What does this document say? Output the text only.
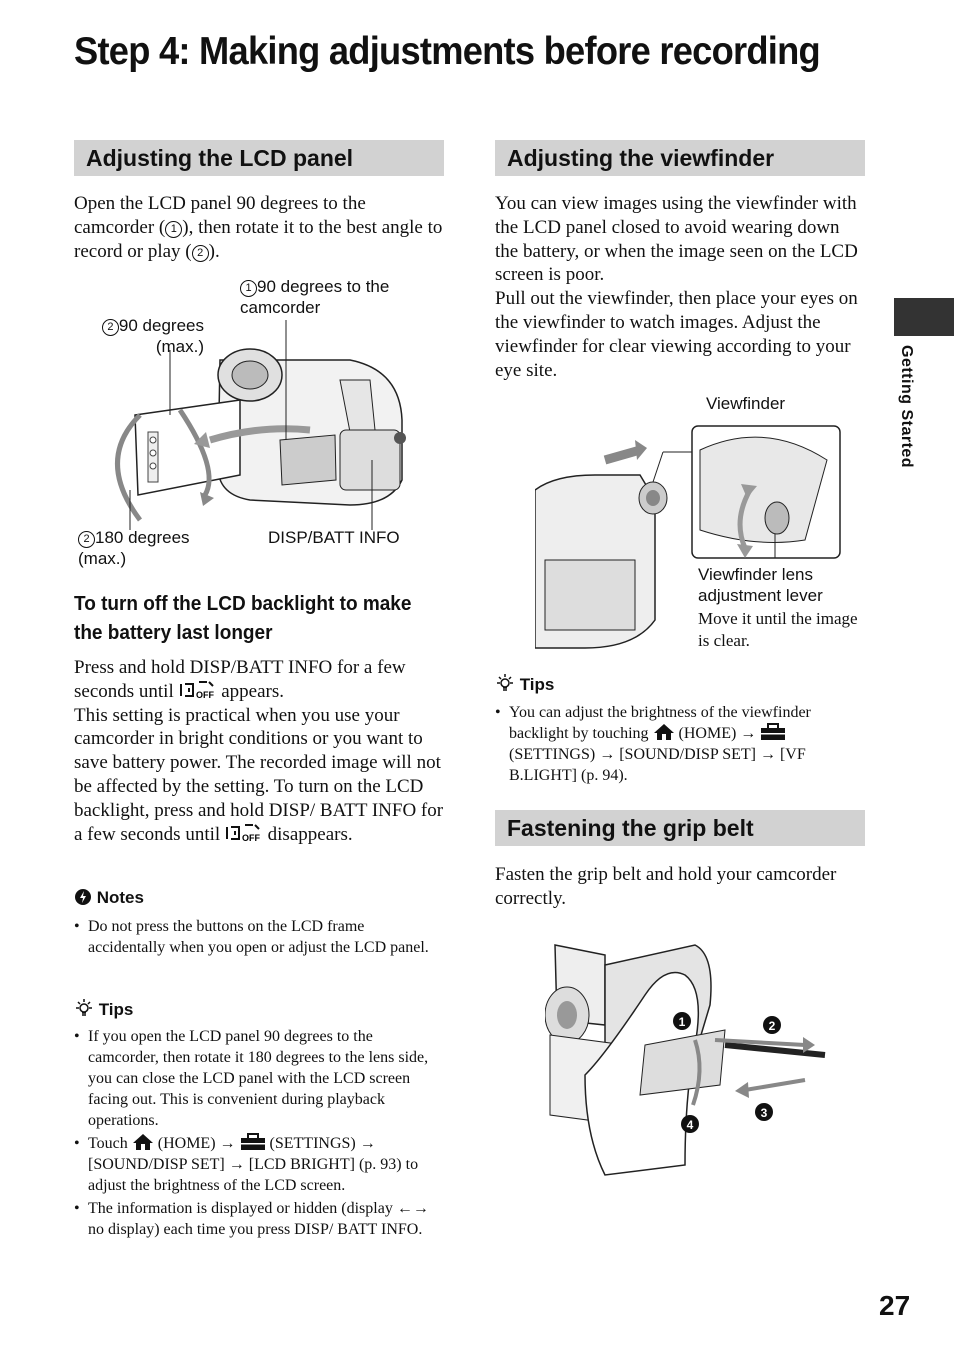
Step 4: Making adjustments before recording
Getting Started
Adjusting the LCD panel

Open the LCD panel 90 degrees to the camcorder ( 1 ), then rotate it to the best angle to record or play ( 2 ).

1 90 degrees to the camcorder
2 90 degrees (max.)
2 180 degrees (max.)
DISP/BATT INFO
To turn off the LCD backlight to make the battery last longer

Press and hold DISP/BATT INFO for a few seconds until OFF appears.

This setting is practical when you use your camcorder in bright conditions or you want to save battery power. The recorded image will not be affected by the setting. To turn on the LCD backlight, press and hold DISP/ BATT INFO for a few seconds until OFF disappears.

Notes
• Do not press the buttons on the LCD frame accidentally when you open or adjust the LCD panel.
Tips
• If you open the LCD panel 90 degrees to the camcorder, then rotate it 180 degrees to the lens side, you can close the LCD panel with the LCD screen facing out. This is convenient during playback operations.
• Touch (HOME) → (SETTINGS) → [SOUND/DISP SET] → [LCD BRIGHT] (p. 93) to adjust the brightness of the LCD screen.
• The information is displayed or hidden (display ←→ no display) each time you press DISP/ BATT INFO.
Adjusting the viewfinder

You can view images using the viewfinder with the LCD panel closed to avoid wearing down the battery, or when the image seen on the LCD screen is poor.

Pull out the viewfinder, then place your eyes on the viewfinder to watch images. Adjust the viewfinder for clear viewing according to your eye site.

Viewfinder
Viewfinder lens adjustment lever
Move it until the image is clear.
Tips
• You can adjust the brightness of the viewfinder backlight by touching (HOME) →  (SETTINGS) → [SOUND/DISP SET] → [VF B.LIGHT] (p. 94).
Fastening the grip belt
Fasten the grip belt and hold your camcorder correctly.
1	2
3
4
27
